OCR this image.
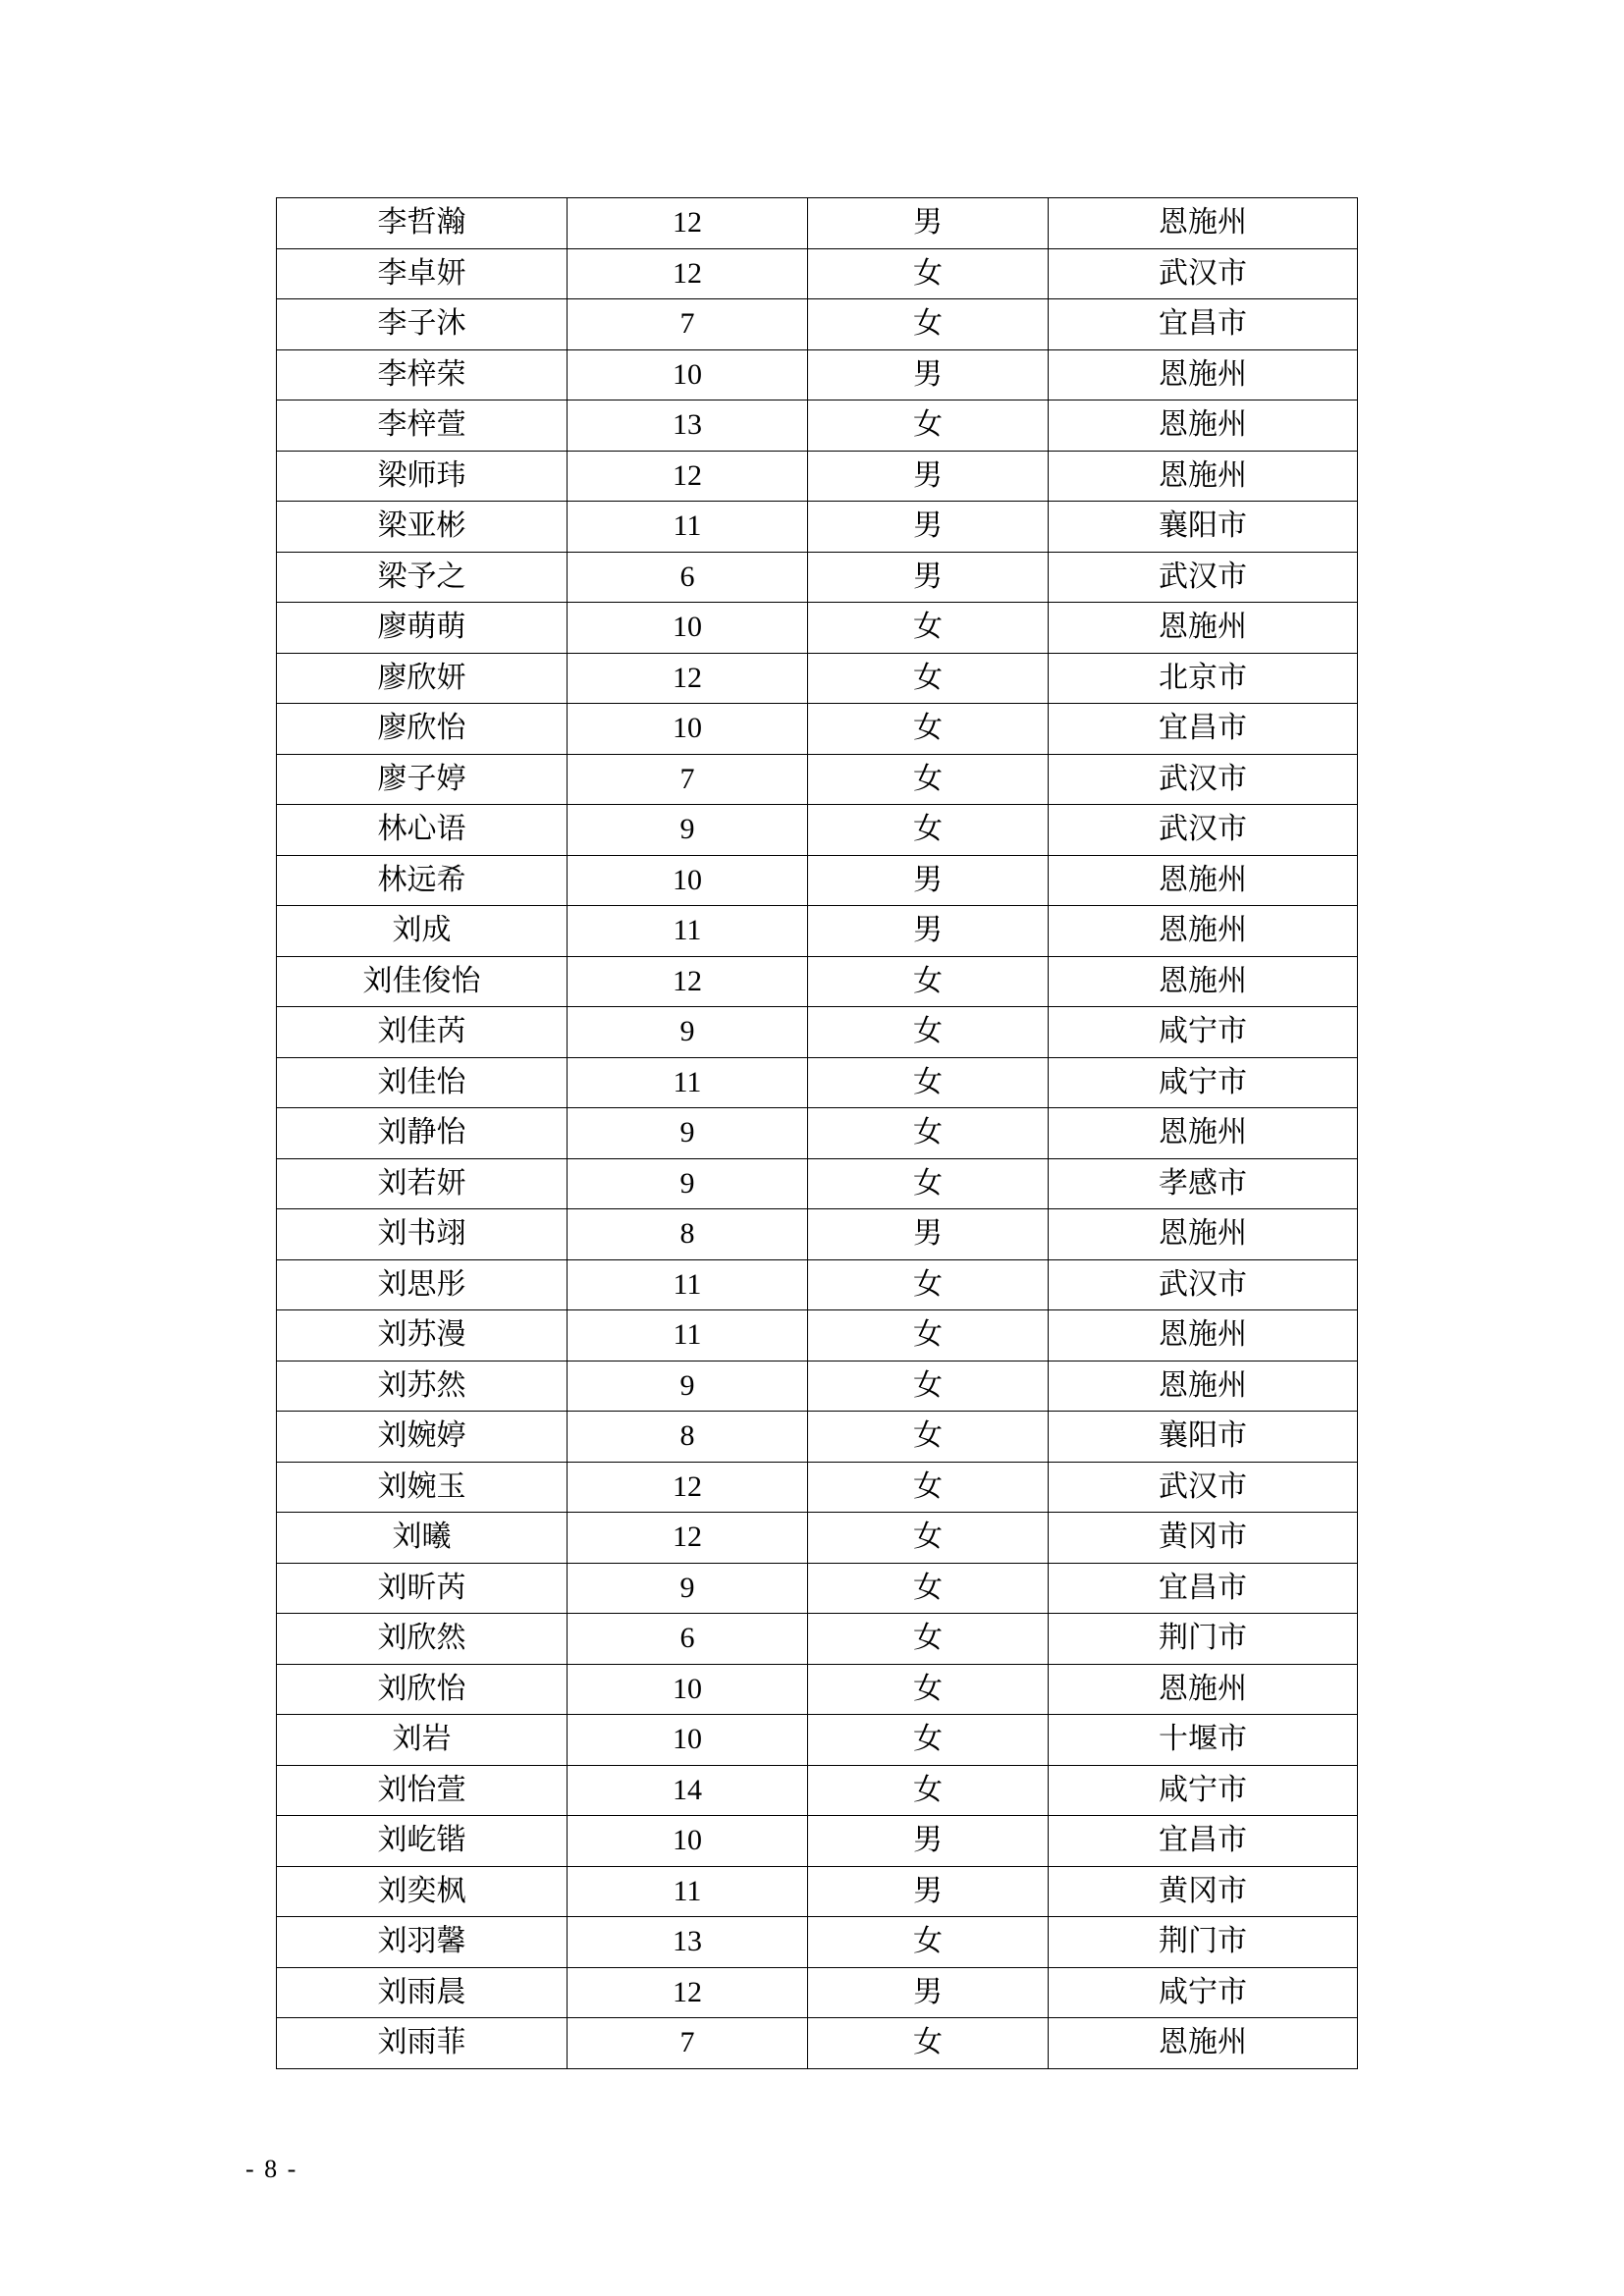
李哲瀚	12	男	恩施州
李卓妍	12	女	武汉市
李子沐	7	女	宜昌市
李梓荣	10	男	恩施州
李梓萱	13	女	恩施州
梁师玮	12	男	恩施州
梁亚彬	11	男	襄阳市
梁予之	6	男	武汉市
廖萌萌	10	女	恩施州
廖欣妍	12	女	北京市
廖欣怡	10	女	宜昌市
廖子婷	7	女	武汉市
林心语	9	女	武汉市
林远希	10	男	恩施州
刘成	11	男	恩施州
刘佳俊怡	12	女	恩施州
刘佳芮	9	女	咸宁市
刘佳怡	11	女	咸宁市
刘静怡	9	女	恩施州
刘若妍	9	女	孝感市
刘书翊	8	男	恩施州
刘思彤	11	女	武汉市
刘苏漫	11	女	恩施州
刘苏然	9	女	恩施州
刘婉婷	8	女	襄阳市
刘婉玉	12	女	武汉市
刘曦	12	女	黄冈市
刘昕芮	9	女	宜昌市
刘欣然	6	女	荆门市
刘欣怡	10	女	恩施州
刘岩	10	女	十堰市
刘怡萱	14	女	咸宁市
刘屹锴	10	男	宜昌市
刘奕枫	11	男	黄冈市
刘羽馨	13	女	荆门市
刘雨晨	12	男	咸宁市
刘雨菲	7	女	恩施州
- 8 -
